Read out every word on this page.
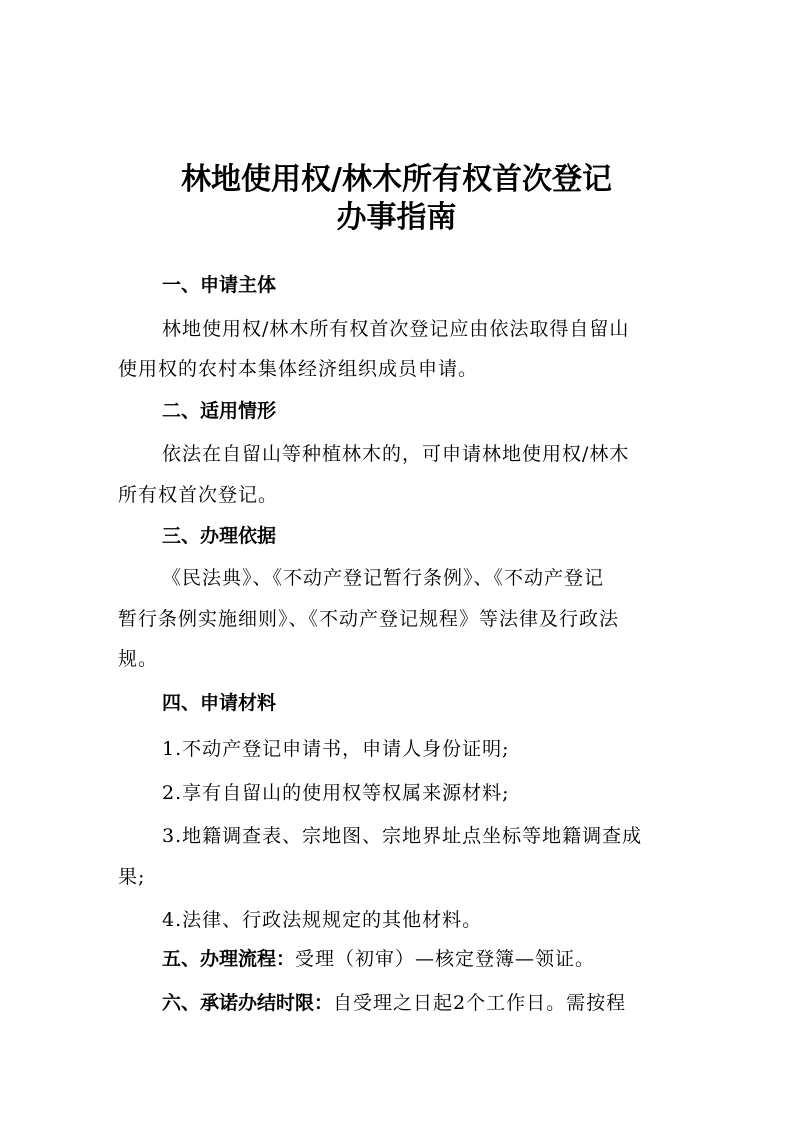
林地使用权/林木所有权首次登记
办事指南
一、申请主体
林地使用权/林木所有权首次登记应由依法取得自留山
使用权的农村本集体经济组织成员申请。
二、适用情形
依法在自留山等种植林木的，可申请林地使用权/林木
所有权首次登记。
三、办理依据
《民法典》、《不动产登记暂行条例》、《不动产登记
暂行条例实施细则》、《不动产登记规程》等法律及行政法
规。
四、申请材料
1.不动产登记申请书，申请人身份证明;
2.享有自留山的使用权等权属来源材料;
3.地籍调查表、宗地图、宗地界址点坐标等地籍调查成
果;
4.法律、行政法规规定的其他材料。
五、办理流程：受理（初审）—核定登簿—领证。
六、承诺办结时限：自受理之日起2个工作日。需按程
